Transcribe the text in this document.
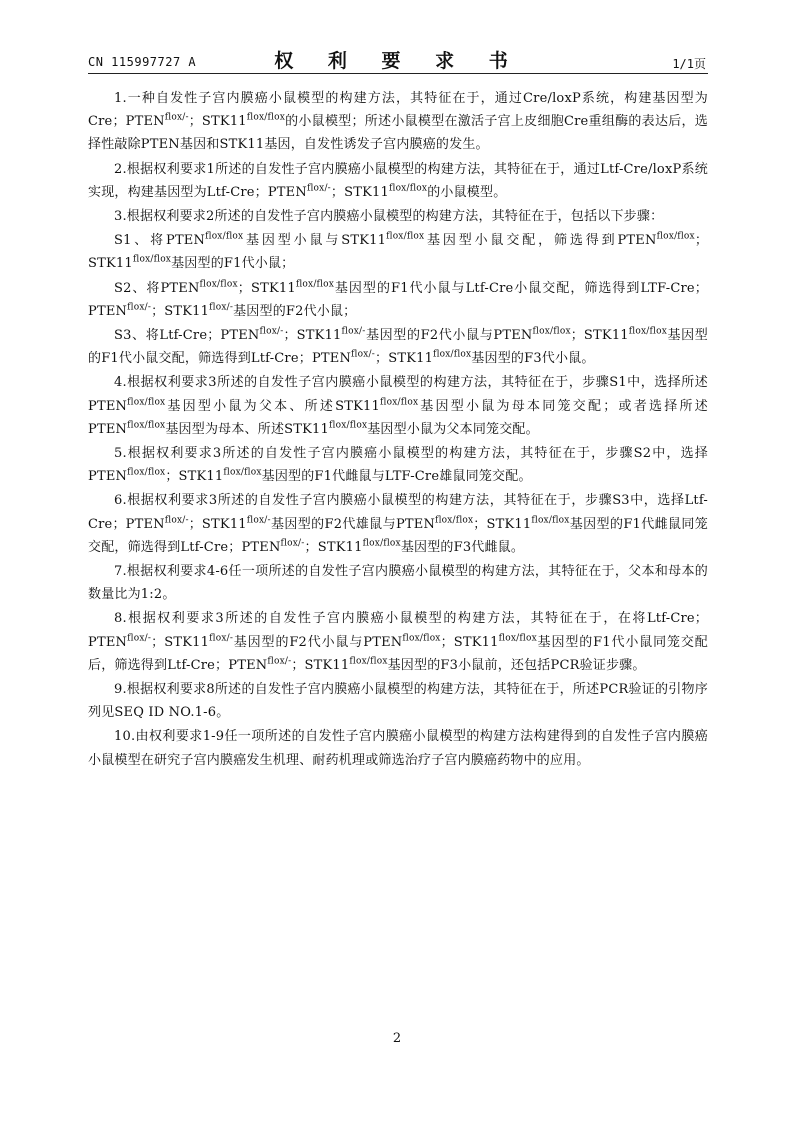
CN 115997727 A	权 利 要 求 书	1/1页

1.一种自发性子宫内膜癌小鼠模型的构建方法，其特征在于，通过Cre/loxP系统，构建基因型为Cre；$PTEN^{flox/-}$；$STK11^{flox/flox}$的小鼠模型；所述小鼠模型在激活子宫上皮细胞Cre重组酶的表达后，选择性敲除PTEN基因和STK11基因，自发性诱发子宫内膜癌的发生。

2.根据权利要求1所述的自发性子宫内膜癌小鼠模型的构建方法，其特征在于，通过Ltf-Cre/loxP系统实现，构建基因型为Ltf-Cre；$PTEN^{flox/-}$；$STK11^{flox/flox}$的小鼠模型。

3.根据权利要求2所述的自发性子宫内膜癌小鼠模型的构建方法，其特征在于，包括以下步骤：

S1、将$PTEN^{flox/flox}$基因型小鼠与$STK11^{flox/flox}$基因型小鼠交配，筛选得到$PTEN^{flox/flox}$；$STK11^{flox/flox}$基因型的F1代小鼠；

S2、将$PTEN^{flox/flox}$；$STK11^{flox/flox}$基因型的F1代小鼠与Ltf-Cre小鼠交配，筛选得到LTF-Cre；$PTEN^{flox/-}$；$STK11^{flox/-}$基因型的F2代小鼠；

S3、将Ltf-Cre；$PTEN^{flox/-}$；$STK11^{flox/-}$基因型的F2代小鼠与$PTEN^{flox/flox}$；$STK11^{flox/flox}$基因型的F1代小鼠交配，筛选得到Ltf-Cre；$PTEN^{flox/-}$；$STK11^{flox/flox}$基因型的F3代小鼠。

4.根据权利要求3所述的自发性子宫内膜癌小鼠模型的构建方法，其特征在于，步骤S1中，选择所述$PTEN^{flox/flox}$基因型小鼠为父本、所述$STK11^{flox/flox}$基因型小鼠为母本同笼交配；或者选择所述$PTEN^{flox/flox}$基因型为母本、所述$STK11^{flox/flox}$基因型小鼠为父本同笼交配。

5.根据权利要求3所述的自发性子宫内膜癌小鼠模型的构建方法，其特征在于，步骤S2中，选择$PTEN^{flox/flox}$；$STK11^{flox/flox}$基因型的F1代雌鼠与LTF-Cre雄鼠同笼交配。

6.根据权利要求3所述的自发性子宫内膜癌小鼠模型的构建方法，其特征在于，步骤S3中，选择Ltf-Cre；$PTEN^{flox/-}$；$STK11^{flox/-}$基因型的F2代雄鼠与$PTEN^{flox/flox}$；$STK11^{flox/flox}$基因型的F1代雌鼠同笼交配，筛选得到Ltf-Cre；$PTEN^{flox/-}$；$STK11^{flox/flox}$基因型的F3代雌鼠。

7.根据权利要求4-6任一项所述的自发性子宫内膜癌小鼠模型的构建方法，其特征在于，父本和母本的数量比为1:2。

8.根据权利要求3所述的自发性子宫内膜癌小鼠模型的构建方法，其特征在于，在将Ltf-Cre；$PTEN^{flox/-}$；$STK11^{flox/-}$基因型的F2代小鼠与$PTEN^{flox/flox}$；$STK11^{flox/flox}$基因型的F1代小鼠同笼交配后，筛选得到Ltf-Cre；$PTEN^{flox/-}$；$STK11^{flox/flox}$基因型的F3小鼠前，还包括PCR验证步骤。

9.根据权利要求8所述的自发性子宫内膜癌小鼠模型的构建方法，其特征在于，所述PCR验证的引物序列见SEQ ID NO.1-6。

10.由权利要求1-9任一项所述的自发性子宫内膜癌小鼠模型的构建方法构建得到的自发性子宫内膜癌小鼠模型在研究子宫内膜癌发生机理、耐药机理或筛选治疗子宫内膜癌药物中的应用。

2
